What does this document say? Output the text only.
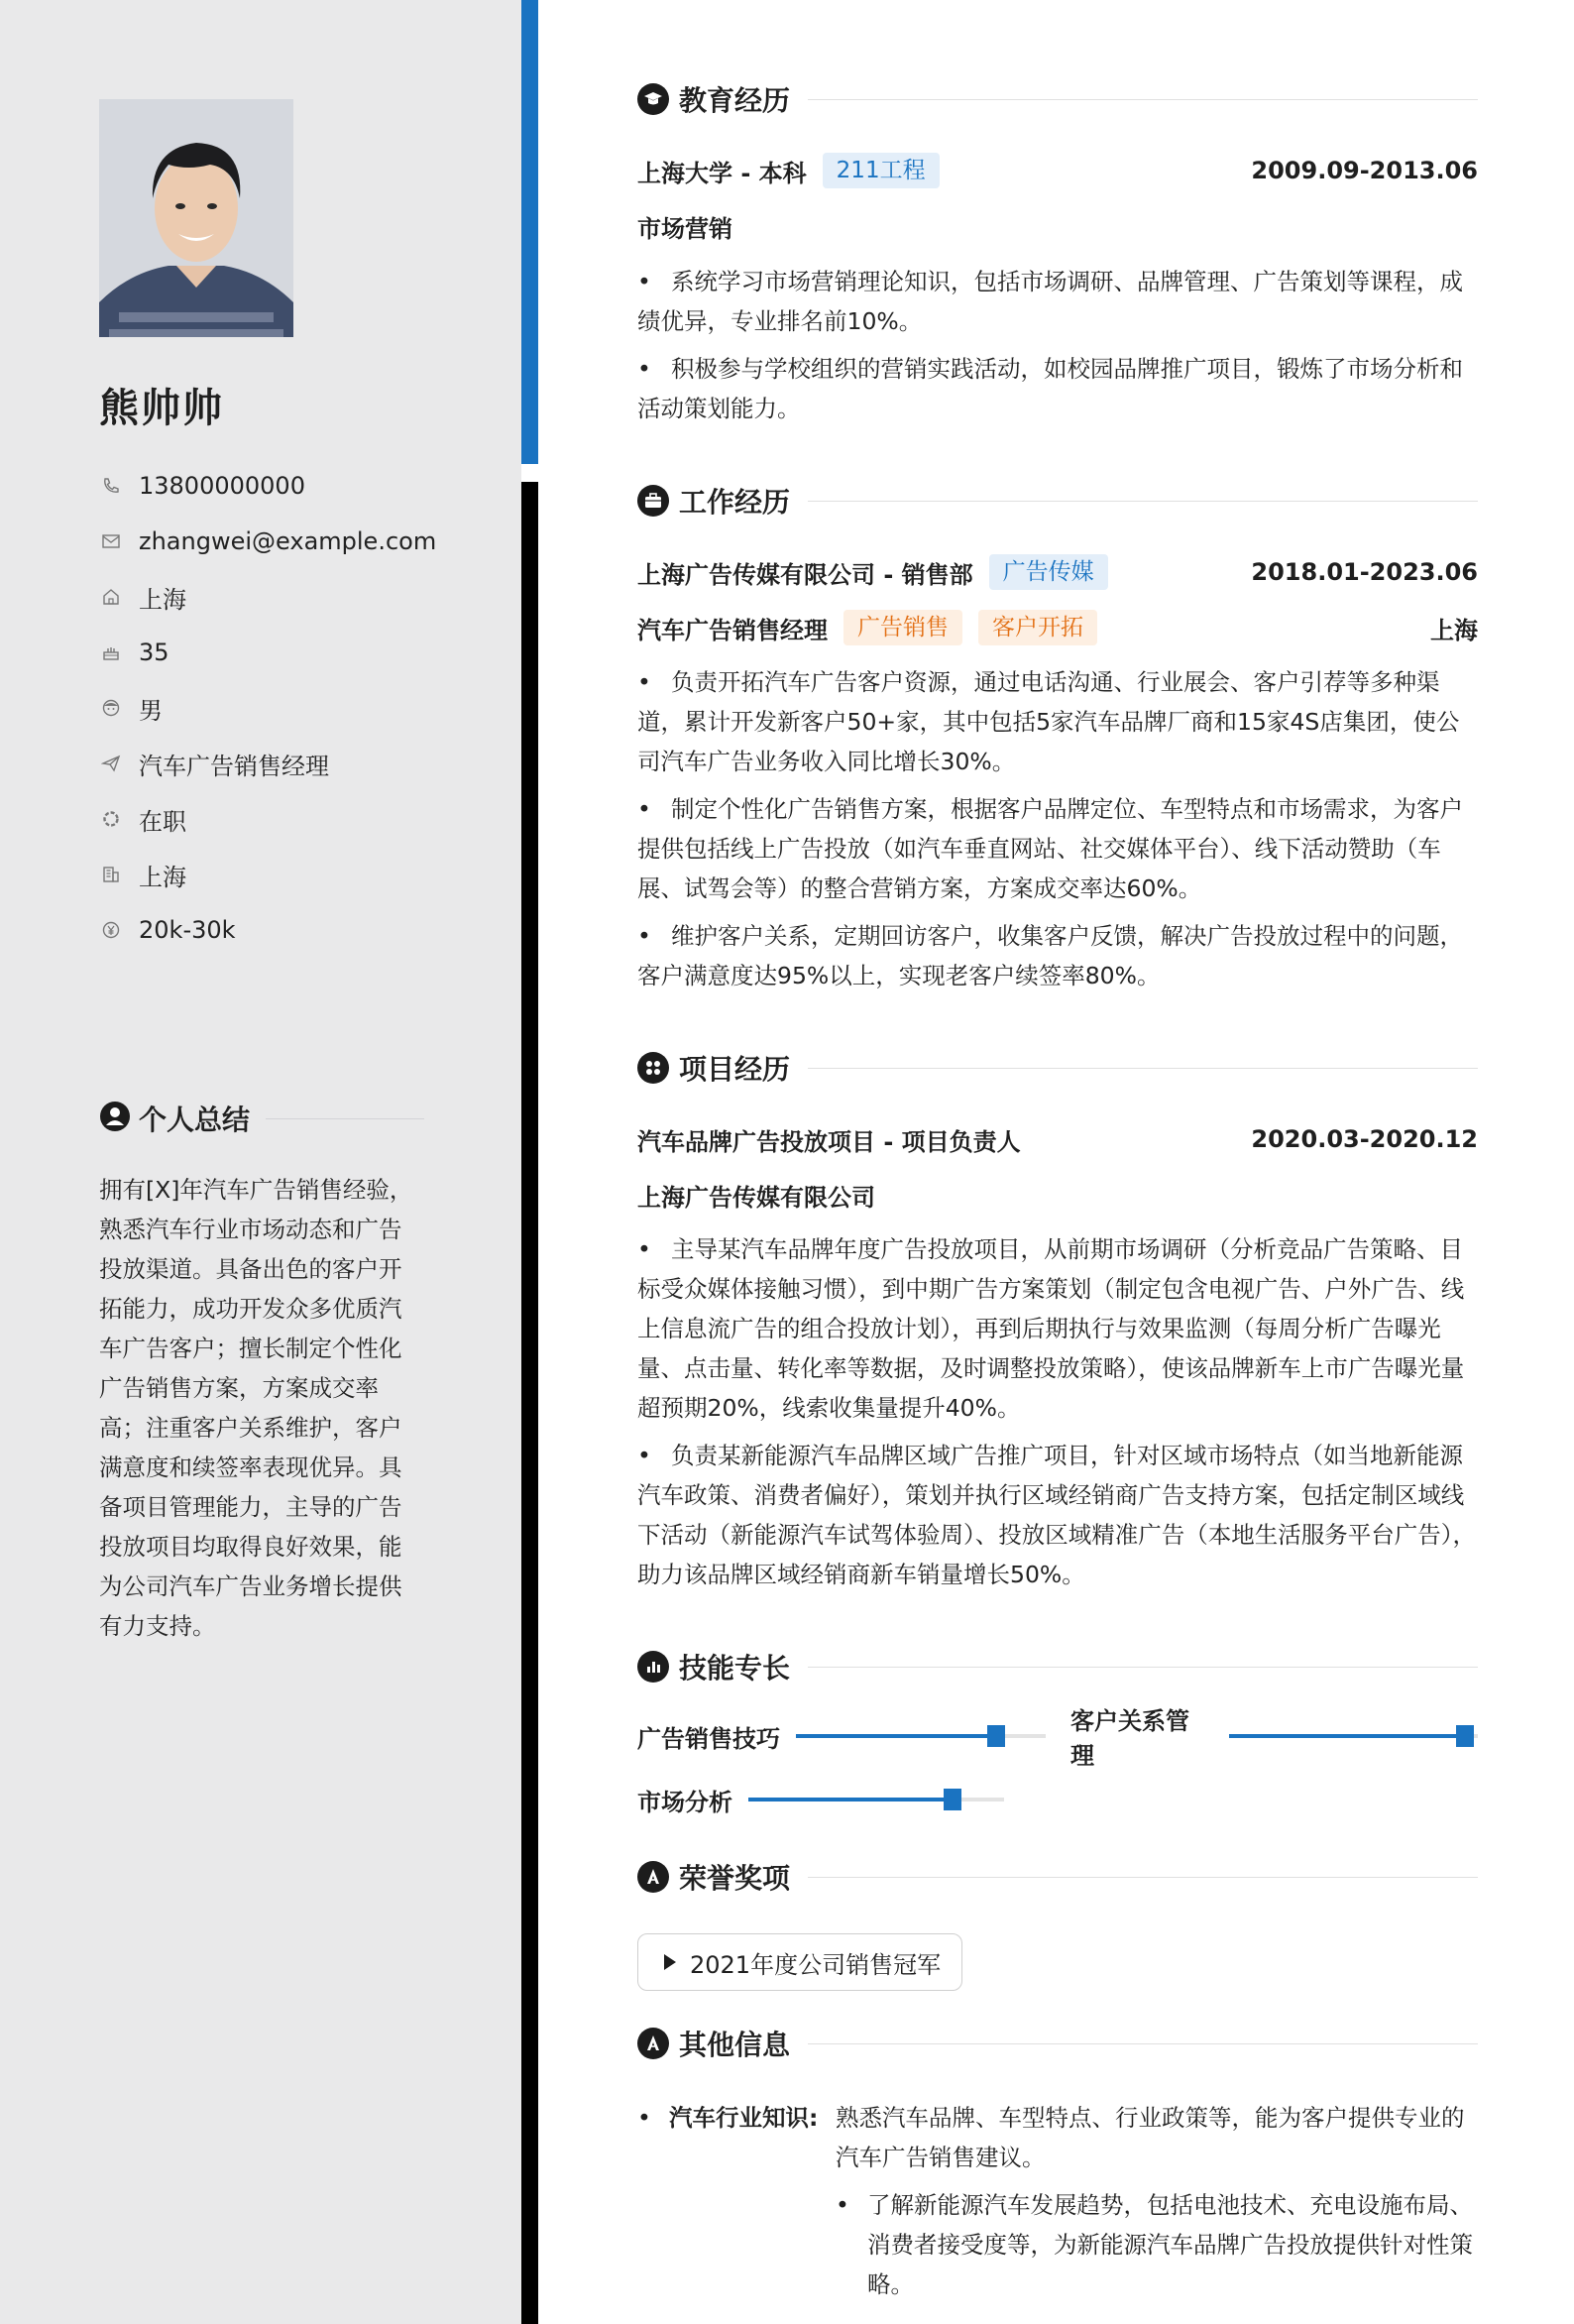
熊帅帅
13800000000
zhangwei@example.com
上海
35
男
汽车广告销售经理
在职
上海
20k-30k
个人总结
拥有[X]年汽车广告销售经验，熟悉汽车行业市场动态和广告投放渠道。具备出色的客户开拓能力，成功开发众多优质汽车广告客户；擅长制定个性化广告销售方案，方案成交率高；注重客户关系维护，客户满意度和续签率表现优异。具备项目管理能力，主导的广告投放项目均取得良好效果，能为公司汽车广告业务增长提供有力支持。
教育经历
上海大学 - 本科	211工程	2009.09-2013.06
市场营销
• 系统学习市场营销理论知识，包括市场调研、品牌管理、广告策划等课程，成绩优异，专业排名前10%。
• 积极参与学校组织的营销实践活动，如校园品牌推广项目，锻炼了市场分析和活动策划能力。
工作经历
上海广告传媒有限公司 - 销售部	广告传媒	2018.01-2023.06
汽车广告销售经理	广告销售	客户开拓	上海
• 负责开拓汽车广告客户资源，通过电话沟通、行业展会、客户引荐等多种渠道，累计开发新客户50+家，其中包括5家汽车品牌厂商和15家4S店集团，使公司汽车广告业务收入同比增长30%。
• 制定个性化广告销售方案，根据客户品牌定位、车型特点和市场需求，为客户提供包括线上广告投放（如汽车垂直网站、社交媒体平台）、线下活动赞助（车展、试驾会等）的整合营销方案，方案成交率达60%。
• 维护客户关系，定期回访客户，收集客户反馈，解决广告投放过程中的问题，客户满意度达95%以上，实现老客户续签率80%。
项目经历
汽车品牌广告投放项目 - 项目负责人	2020.03-2020.12
上海广告传媒有限公司
• 主导某汽车品牌年度广告投放项目，从前期市场调研（分析竞品广告策略、目标受众媒体接触习惯），到中期广告方案策划（制定包含电视广告、户外广告、线上信息流广告的组合投放计划），再到后期执行与效果监测（每周分析广告曝光量、点击量、转化率等数据，及时调整投放策略），使该品牌新车上市广告曝光量超预期20%，线索收集量提升40%。
• 负责某新能源汽车品牌区域广告推广项目，针对区域市场特点（如当地新能源汽车政策、消费者偏好），策划并执行区域经销商广告支持方案，包括定制区域线下活动（新能源汽车试驾体验周）、投放区域精准广告（本地生活服务平台广告），助力该品牌区域经销商新车销量增长50%。
技能专长
广告销售技巧
客户关系管理
市场分析
荣誉奖项
2021年度公司销售冠军
其他信息
• 汽车行业知识: 熟悉汽车品牌、车型特点、行业政策等，能为客户提供专业的汽车广告销售建议。
• 了解新能源汽车发展趋势，包括电池技术、充电设施布局、消费者接受度等，为新能源汽车品牌广告投放提供针对性策略。
